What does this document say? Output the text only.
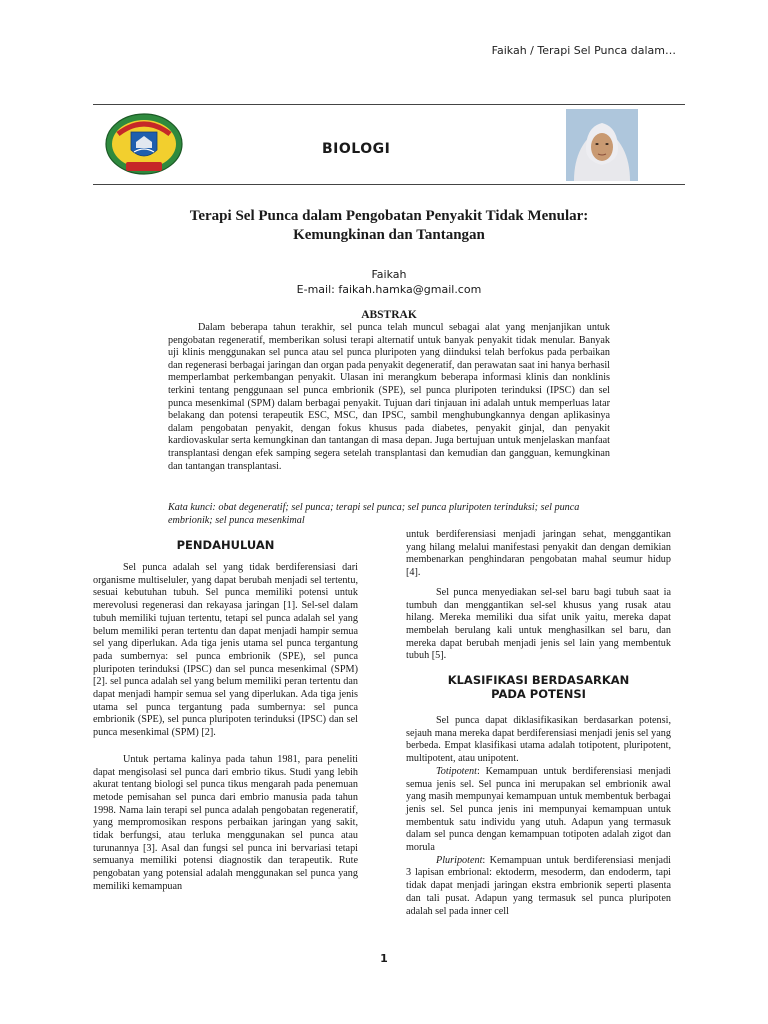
Faikah / Terapi Sel Punca dalam…
BIOLOGI
Terapi Sel Punca dalam Pengobatan Penyakit Tidak Menular:
Kemungkinan dan Tantangan
Faikah
E-mail: faikah.hamka@gmail.com
ABSTRAK

Dalam beberapa tahun terakhir, sel punca telah muncul sebagai alat yang menjanjikan untuk pengobatan regeneratif, memberikan solusi terapi alternatif untuk banyak penyakit tidak menular. Banyak uji klinis menggunakan sel punca atau sel punca pluripoten yang diinduksi telah berfokus pada perbaikan dan regenerasi berbagai jaringan dan organ pada penyakit degeneratif, dan perawatan saat ini hanya berhasil memperlambat perkembangan penyakit. Ulasan ini merangkum beberapa informasi klinis dan nonklinis terkini tentang penggunaan sel punca embrionik (SPE), sel punca pluripoten terinduksi (IPSC) dan sel punca mesenkimal (SPM) dalam berbagai penyakit. Tujuan dari tinjauan ini adalah untuk memperluas latar belakang dan potensi terapeutik ESC, MSC, dan IPSC, sambil menghubungkannya dengan aplikasinya dalam pengobatan penyakit, dengan fokus khusus pada diabetes, penyakit ginjal, dan penyakit kardiovaskular serta kemungkinan dan tantangan di masa depan. Juga bertujuan untuk menjelaskan manfaat transplantasi dengan efek samping segera setelah transplantasi dan kemudian dan gangguan, kemungkinan dan tantangan transplantasi.

Kata kunci: obat degeneratif; sel punca; terapi sel punca; sel punca pluripoten terinduksi; sel punca embrionik; sel punca mesenkimal
PENDAHULUAN

Sel punca adalah sel yang tidak berdiferensiasi dari organisme multiseluler, yang dapat berubah menjadi sel tertentu, sesuai kebutuhan tubuh. Sel punca memiliki potensi untuk merevolusi regenerasi dan rekayasa jaringan [1]. Sel-sel dalam tubuh memiliki tujuan tertentu, tetapi sel punca adalah sel yang belum memiliki peran tertentu dan dapat menjadi hampir semua sel yang diperlukan. Ada tiga jenis utama sel punca tergantung pada sumbernya: sel punca embrionik (SPE), sel punca pluripoten terinduksi (IPSC) dan sel punca mesenkimal (SPM) [2]. sel punca adalah sel yang belum memiliki peran tertentu dan dapat menjadi hampir semua sel yang diperlukan. Ada tiga jenis utama sel punca tergantung pada sumbernya: sel punca embrionik (SPE), sel punca pluripoten terinduksi (IPSC) dan sel punca mesenkimal (SPM) [2].

Untuk pertama kalinya pada tahun 1981, para peneliti dapat mengisolasi sel punca dari embrio tikus. Studi yang lebih akurat tentang biologi sel punca tikus mengarah pada penemuan metode pemisahan sel punca dari embrio manusia pada tahun 1998. Nama lain terapi sel punca adalah pengobatan regeneratif, yang mempromosikan respons perbaikan jaringan yang sakit, tidak berfungsi, atau terluka menggunakan sel punca atau turunannya [3]. Asal dan fungsi sel punca ini bervariasi tetapi semuanya memiliki potensi diagnostik dan terapeutik. Rute pengobatan yang potensial adalah menggunakan sel punca yang memiliki kemampuan

untuk berdiferensiasi menjadi jaringan sehat, menggantikan yang hilang melalui manifestasi penyakit dan dengan demikian membenarkan penghindaran pengobatan mahal seumur hidup [4].

Sel punca menyediakan sel-sel baru bagi tubuh saat ia tumbuh dan menggantikan sel-sel khusus yang rusak atau hilang. Mereka memiliki dua sifat unik yaitu, mereka dapat membelah berulang kali untuk menghasilkan sel baru, dan mereka dapat berubah menjadi jenis sel lain yang membentuk tubuh [5].

KLASIFIKASI BERDASARKAN
PADA POTENSI

Sel punca dapat diklasifikasikan berdasarkan potensi, sejauh mana mereka dapat berdiferensiasi menjadi jenis sel yang berbeda. Empat klasifikasi utama adalah totipotent, pluripotent, multipotent, atau unipotent.

Totipotent: Kemampuan untuk berdiferensiasi menjadi semua jenis sel. Sel punca ini merupakan sel embrionik awal yang masih mempunyai kemampuan untuk membentuk berbagai jenis sel. Sel punca jenis ini mempunyai kemampuan untuk membentuk satu individu yang utuh. Adapun yang termasuk dalam sel punca dengan kemampuan totipoten adalah zigot dan morula

Pluripotent: Kemampuan untuk berdiferensiasi menjadi 3 lapisan embrional: ektoderm, mesoderm, dan endoderm, tapi tidak dapat menjadi jaringan ekstra embrionik seperti plasenta dan tali pusat. Adapun yang termasuk sel punca pluripoten adalah sel pada inner cell

1
